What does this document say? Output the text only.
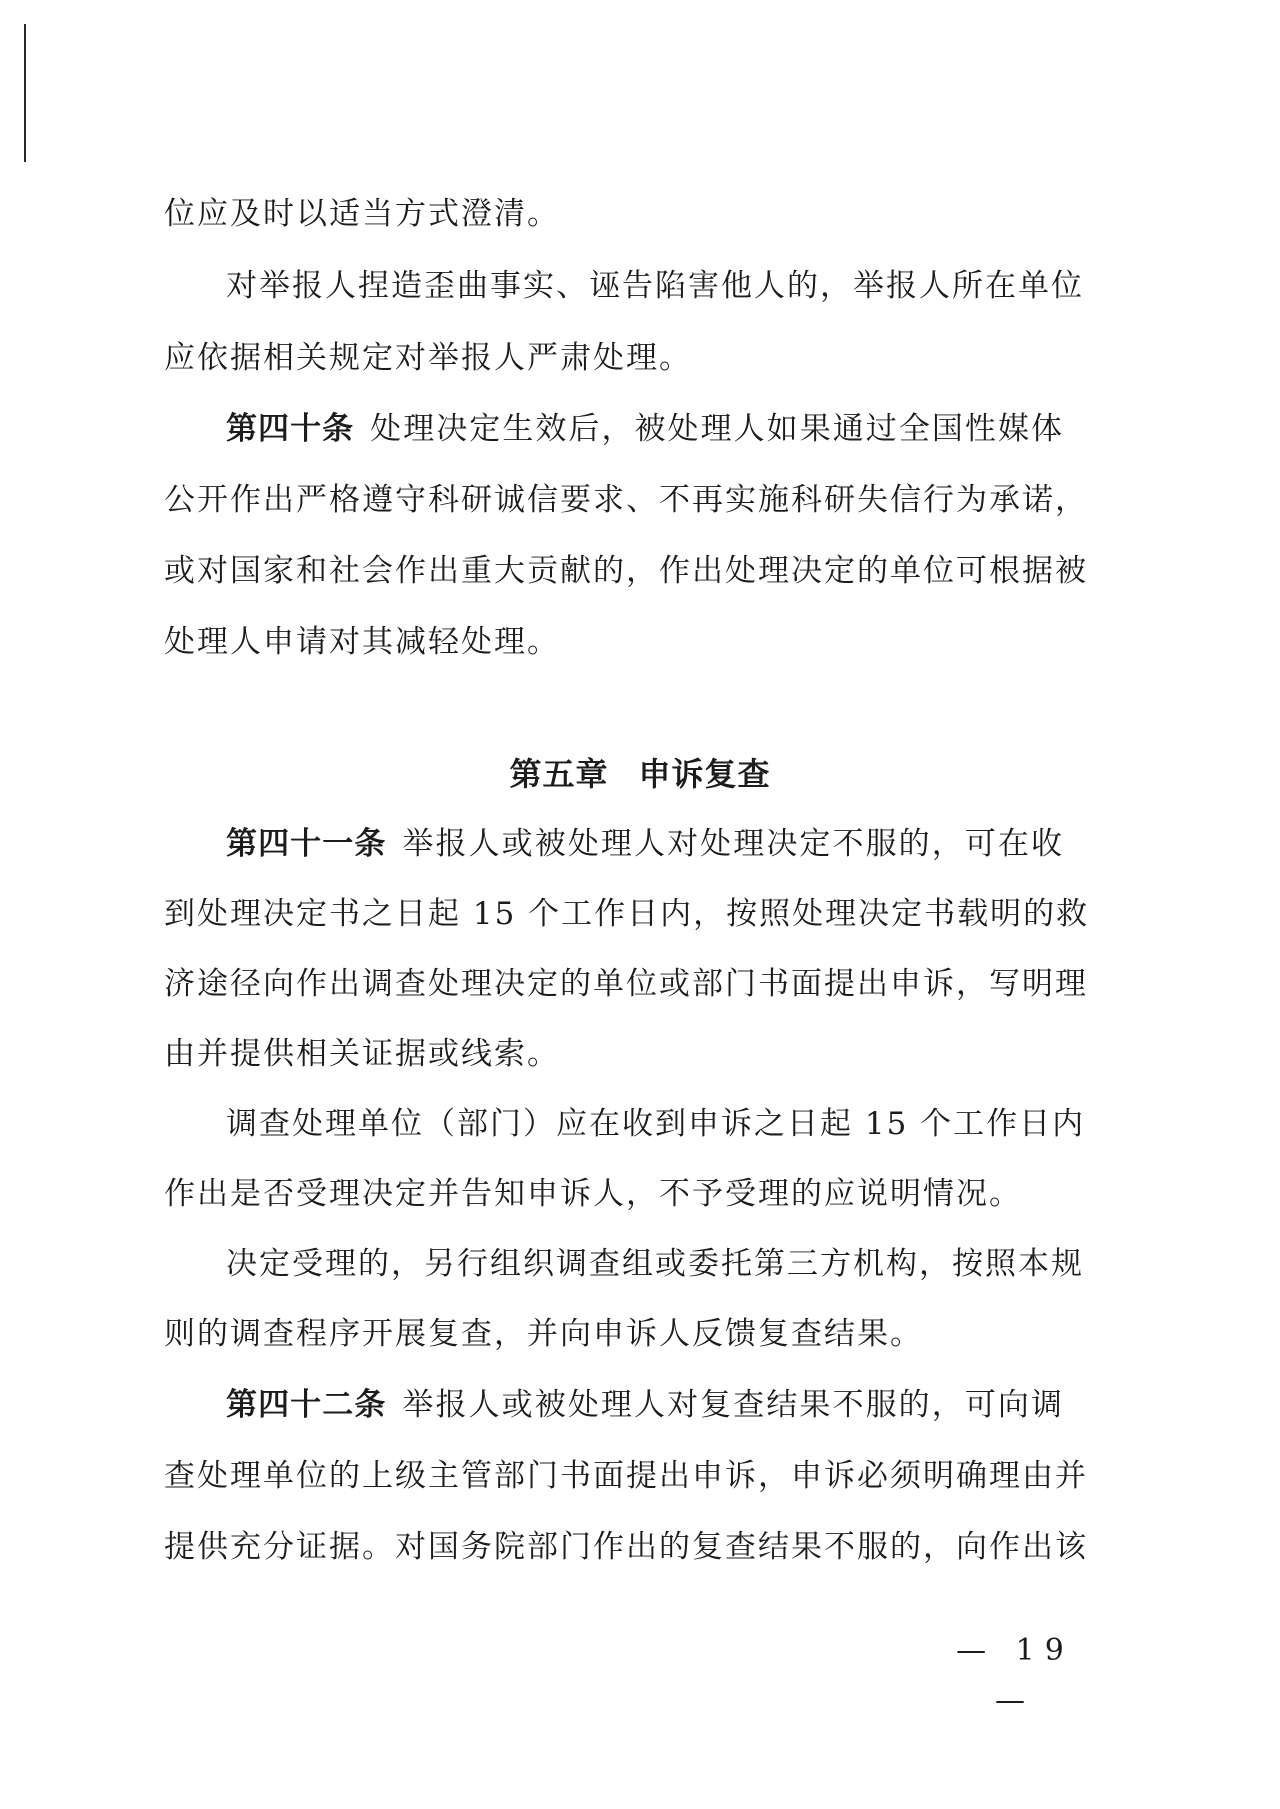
位应及时以适当方式澄清。
对举报人捏造歪曲事实、诬告陷害他人的，举报人所在单位
应依据相关规定对举报人严肃处理。
第四十条 处理决定生效后，被处理人如果通过全国性媒体
公开作出严格遵守科研诚信要求、不再实施科研失信行为承诺，
或对国家和社会作出重大贡献的，作出处理决定的单位可根据被
处理人申请对其减轻处理。
第五章 申诉复查
第四十一条 举报人或被处理人对处理决定不服的，可在收
到处理决定书之日起 15 个工作日内，按照处理决定书载明的救
济途径向作出调查处理决定的单位或部门书面提出申诉，写明理
由并提供相关证据或线索。
调查处理单位（部门）应在收到申诉之日起 15 个工作日内
作出是否受理决定并告知申诉人，不予受理的应说明情况。
决定受理的，另行组织调查组或委托第三方机构，按照本规
则的调查程序开展复查，并向申诉人反馈复查结果。
第四十二条 举报人或被处理人对复查结果不服的，可向调
查处理单位的上级主管部门书面提出申诉，申诉必须明确理由并
提供充分证据。对国务院部门作出的复查结果不服的，向作出该
— 19 —
